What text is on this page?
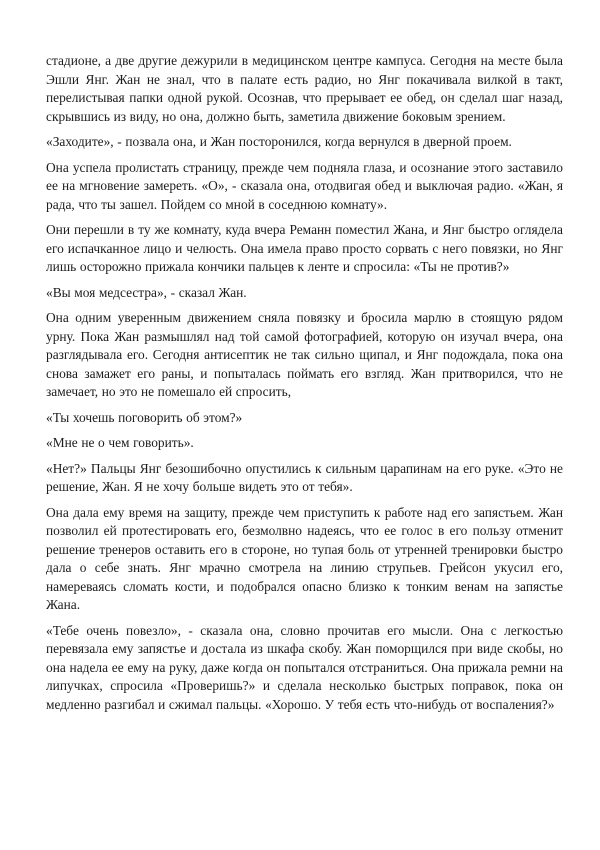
стадионе, а две другие дежурили в медицинском центре кампуса. Сегодня на месте была Эшли Янг. Жан не знал, что в палате есть радио, но Янг покачивала вилкой в такт, перелистывая папки одной рукой. Осознав, что прерывает ее обед, он сделал шаг назад, скрывшись из виду, но она, должно быть, заметила движение боковым зрением.

«Заходите», - позвала она, и Жан посторонился, когда вернулся в дверной проем.

Она успела пролистать страницу, прежде чем подняла глаза, и осознание этого заставило ее на мгновение замереть. «О», - сказала она, отодвигая обед и выключая радио. «Жан, я рада, что ты зашел. Пойдем со мной в соседнюю комнату».

Они перешли в ту же комнату, куда вчера Реманн поместил Жана, и Янг быстро оглядела его испачканное лицо и челюсть. Она имела право просто сорвать с него повязки, но Янг лишь осторожно прижала кончики пальцев к ленте и спросила: «Ты не против?»

«Вы моя медсестра», - сказал Жан.

Она одним уверенным движением сняла повязку и бросила марлю в стоящую рядом урну. Пока Жан размышлял над той самой фотографией, которую он изучал вчера, она разглядывала его. Сегодня антисептик не так сильно щипал, и Янг подождала, пока она снова замажет его раны, и попыталась поймать его взгляд. Жан притворился, что не замечает, но это не помешало ей спросить,

«Ты хочешь поговорить об этом?»

«Мне не о чем говорить».

«Нет?» Пальцы Янг безошибочно опустились к сильным царапинам на его руке. «Это не решение, Жан. Я не хочу больше видеть это от тебя».

Она дала ему время на защиту, прежде чем приступить к работе над его запястьем. Жан позволил ей протестировать его, безмолвно надеясь, что ее голос в его пользу отменит решение тренеров оставить его в стороне, но тупая боль от утренней тренировки быстро дала о себе знать. Янг мрачно смотрела на линию струпьев. Грейсон укусил его, намереваясь сломать кости, и подобрался опасно близко к тонким венам на запястье Жана.

«Тебе очень повезло», - сказала она, словно прочитав его мысли. Она с легкостью перевязала ему запястье и достала из шкафа скобу. Жан поморщился при виде скобы, но она надела ее ему на руку, даже когда он попытался отстраниться. Она прижала ремни на липучках, спросила «Проверишь?» и сделала несколько быстрых поправок, пока он медленно разгибал и сжимал пальцы. «Хорошо. У тебя есть что-нибудь от воспаления?»
